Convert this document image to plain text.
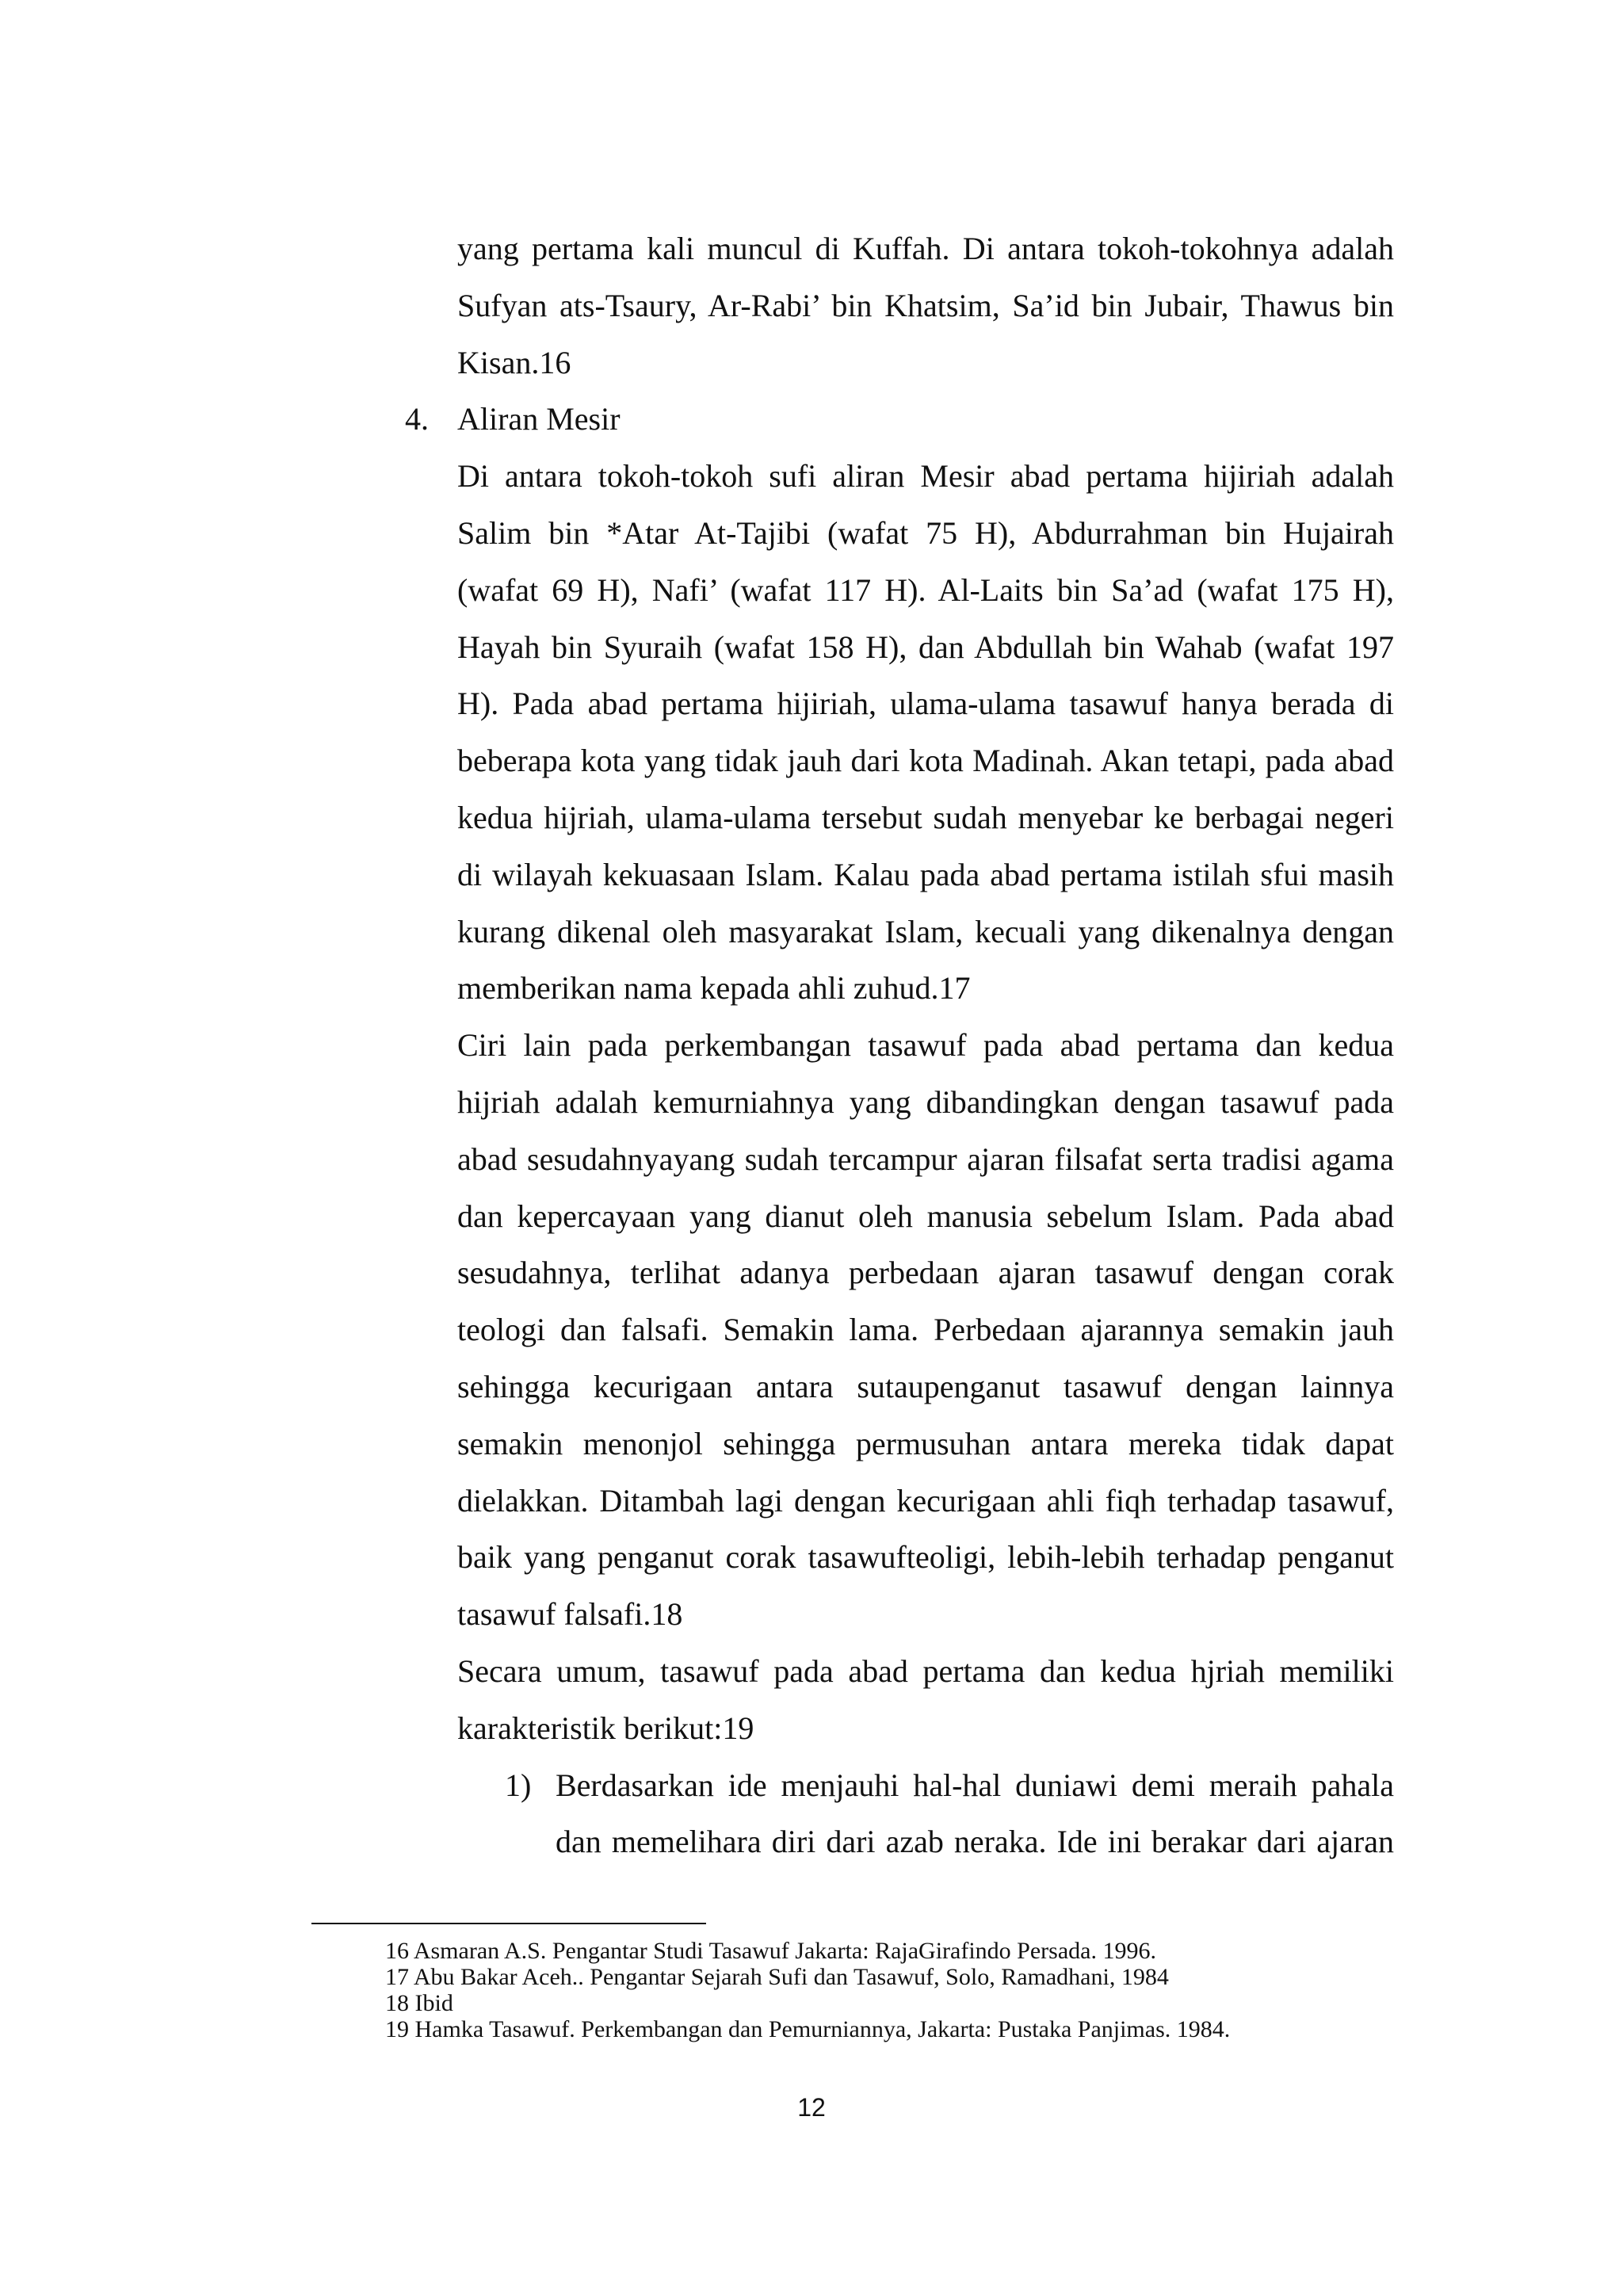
yang pertama kali muncul di Kuffah. Di antara tokoh-tokohnya adalah Sufyan ats-Tsaury, Ar-Rabi’ bin Khatsim, Sa’id bin Jubair, Thawus bin Kisan.16

4. Aliran Mesir

Di antara tokoh-tokoh sufi aliran Mesir abad pertama hijiriah adalah Salim bin *Atar At-Tajibi (wafat 75 H), Abdurrahman bin Hujairah (wafat 69 H), Nafi’ (wafat 117 H). Al-Laits bin Sa’ad (wafat 175 H), Hayah bin Syuraih (wafat 158 H), dan Abdullah bin Wahab (wafat 197 H). Pada abad pertama hijiriah, ulama-ulama tasawuf hanya berada di beberapa kota yang tidak jauh dari kota Madinah. Akan tetapi, pada abad kedua hijriah, ulama-ulama tersebut sudah menyebar ke berbagai negeri di wilayah kekuasaan Islam. Kalau pada abad pertama istilah sfui masih kurang dikenal oleh masyarakat Islam, kecuali yang dikenalnya dengan memberikan nama kepada ahli zuhud.17

Ciri lain pada perkembangan tasawuf pada abad pertama dan kedua hijriah adalah kemurniahnya yang dibandingkan dengan tasawuf pada abad sesudahnyayang sudah tercampur ajaran filsafat serta tradisi agama dan kepercayaan yang dianut oleh manusia sebelum Islam. Pada abad sesudahnya, terlihat adanya perbedaan ajaran tasawuf dengan corak teologi dan falsafi. Semakin lama. Perbedaan ajarannya semakin jauh sehingga kecurigaan antara sutaupenganut tasawuf dengan lainnya semakin menonjol sehingga permusuhan antara mereka tidak dapat dielakkan. Ditambah lagi dengan kecurigaan ahli fiqh terhadap tasawuf, baik yang penganut corak tasawufteoligi, lebih-lebih terhadap penganut tasawuf falsafi.18

Secara umum, tasawuf pada abad pertama dan kedua hjriah memiliki karakteristik berikut:19

1) Berdasarkan ide menjauhi hal-hal duniawi demi meraih pahala dan memelihara diri dari azab neraka. Ide ini berakar dari ajaran

16 Asmaran A.S. Pengantar Studi Tasawuf Jakarta: RajaGirafindo Persada. 1996.
17 Abu Bakar Aceh.. Pengantar Sejarah Sufi dan Tasawuf, Solo, Ramadhani, 1984
18 Ibid
19 Hamka Tasawuf. Perkembangan dan Pemurniannya, Jakarta: Pustaka Panjimas. 1984.
12
